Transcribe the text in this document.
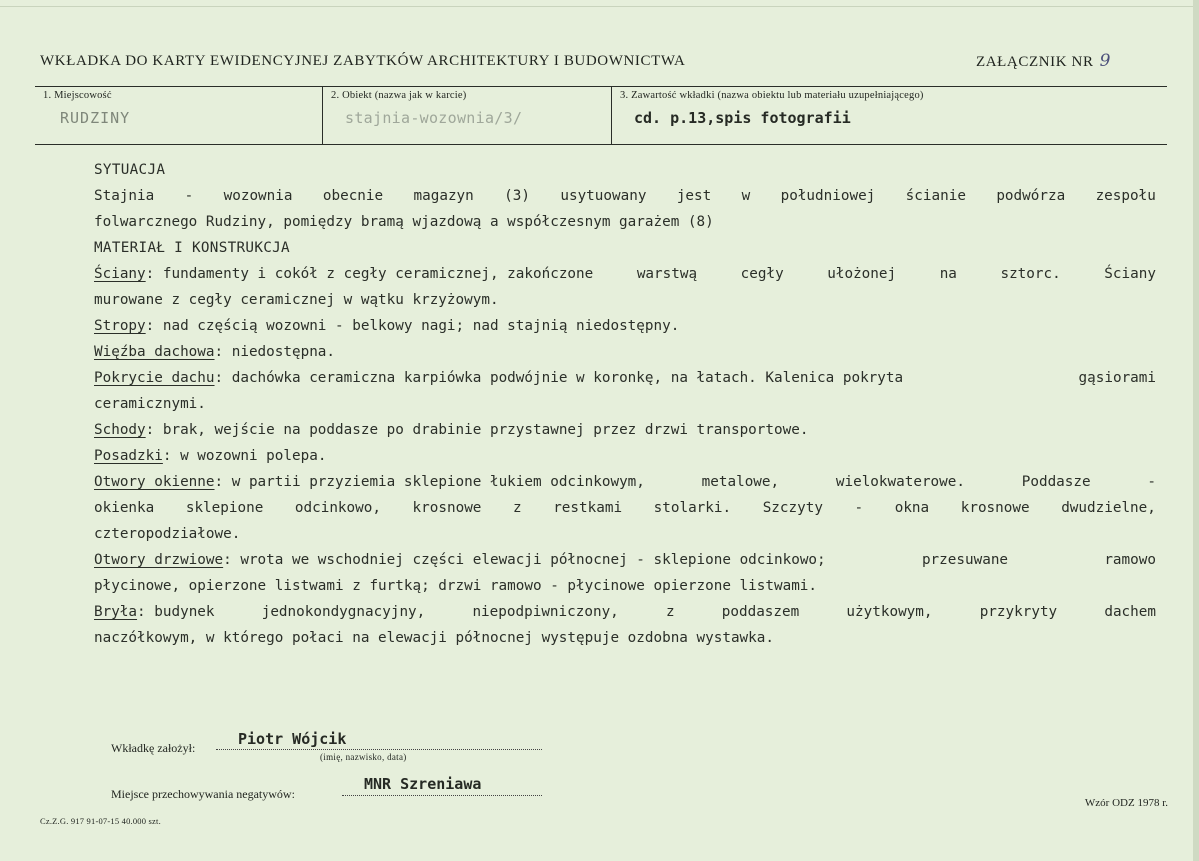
WKŁADKA DO KARTY EWIDENCYJNEJ ZABYTKÓW ARCHITEKTURY I BUDOWNICTWA	ZAŁĄCZNIK NR 9
1. Miejscowość
RUDZINY
2. Obiekt (nazwa jak w karcie)
stajnia-wozownia/3/
3. Zawartość wkładki (nazwa obiektu lub materiału uzupełniającego)
cd. p.13,spis fotografii
SYTUACJA
Stajnia - wozownia obecnie magazyn (3) usytuowany jest w południowej ścianie podwórza zespołu
folwarcznego Rudziny, pomiędzy bramą wjazdową a współczesnym garażem (8)
MATERIAŁ I KONSTRUKCJA
Ściany: fundamenty i cokół z cegły ceramicznej, zakończone	warstwą	cegły	ułożonej	na	sztorc.	Ściany
murowane z cegły ceramicznej w wątku krzyżowym.
Stropy: nad częścią wozowni - belkowy nagi; nad stajnią niedostępny.
Więźba dachowa: niedostępna.
Pokrycie dachu: dachówka ceramiczna karpiówka podwójnie w koronkę, na łatach. Kalenica pokryta	gąsiorami
ceramicznymi.
Schody: brak, wejście na poddasze po drabinie przystawnej przez drzwi transportowe.
Posadzki: w wozowni polepa.
Otwory okienne: w partii przyziemia sklepione łukiem odcinkowym,	metalowe,	wielokwaterowe.	Poddasze	-
okienka sklepione odcinkowo, krosnowe z restkami stolarki. Szczyty - okna krosnowe dwudzielne,
czteropodziałowe.
Otwory drzwiowe: wrota we wschodniej części elewacji północnej - sklepione odcinkowo;	przesuwane	ramowo
płycinowe, opierzone listwami z furtką; drzwi ramowo - płycinowe opierzone listwami.
Bryła: budynek	jednokondygnacyjny,	niepodpiwniczony,	z	poddaszem	użytkowym,	przykryty	dachem
naczółkowym, w którego połaci na elewacji północnej występuje ozdobna wystawka.
Wkładkę założył:	Piotr Wójcik
(imię, nazwisko, data)
Miejsce przechowywania negatywów:
MNR Szreniawa
Cz.Z.G. 917 91-07-15 40.000 szt.
Wzór ODZ 1978 r.
